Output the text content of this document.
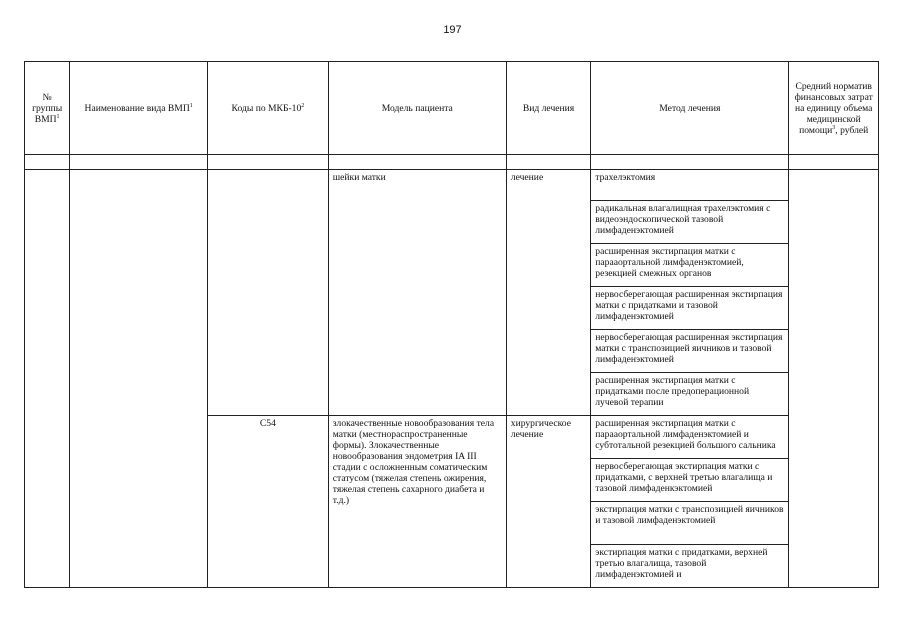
197
№ группы ВМП$^1$	Наименование вида ВМП$^1$	Коды по МКБ-$10^2$	Модель пациента	Вид лечения	Метод лечения	Средний норматив финансовых затрат на единицу объема медицинской помощи$^3$, рублей

			шейки матки	лечение	трахелэктомия	
					радикальная влагалищная трахелэктомия с видеоэндоскопической тазовой лимфаденэктомией	
					расширенная экстирпация матки с парааортальной лимфаденэктомией, резекцией смежных органов	
					нервосберегающая расширенная экстирпация матки с придатками и тазовой лимфаденэктомией	
					нервосберегающая расширенная экстирпация матки с транспозицией яичников и тазовой лимфаденэктомией	
					расширенная экстирпация матки с придатками после предоперационной лучевой терапии	
		C54	злокачественные новообразования тела матки (местнораспространенные формы). Злокачественные новообразования эндометрия IA III стадии с осложненным соматическим статусом (тяжелая степень ожирения, тяжелая степень сахарного диабета и т.д.)	хирургическое лечение	расширенная экстирпация матки с парааортальной лимфаденэктомией и субтотальной резекцией большого сальника	
					нервосберегающая экстирпация матки с придатками, с верхней третью влагалища и тазовой лимфаденкэктомией	
					экстирпация матки с транспозицией яичников и тазовой лимфаденэктомией	
					экстирпация матки с придатками, верхней третью влагалища, тазовой лимфаденэктомией и	
